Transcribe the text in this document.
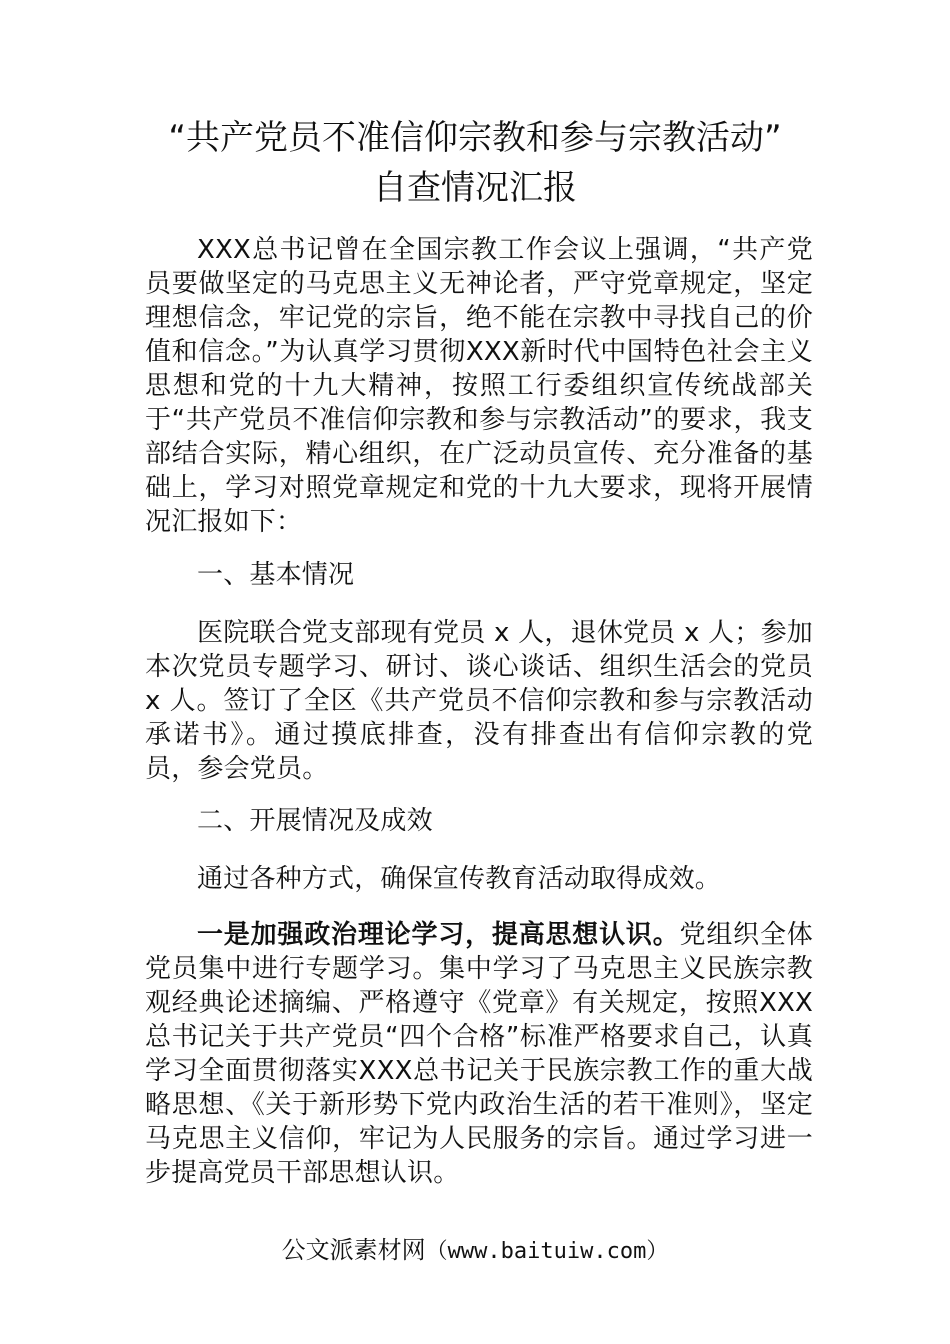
“共产党员不准信仰宗教和参与宗教活动”
自查情况汇报

XXX总书记曾在全国宗教工作会议上强调，“共产党员要做坚定的马克思主义无神论者，严守党章规定，坚定理想信念，牢记党的宗旨，绝不能在宗教中寻找自己的价值和信念。”为认真学习贯彻XXX新时代中国特色社会主义思想和党的十九大精神，按照工行委组织宣传统战部关于“共产党员不准信仰宗教和参与宗教活动”的要求，我支部结合实际，精心组织，在广泛动员宣传、充分准备的基础上，学习对照党章规定和党的十九大要求，现将开展情况汇报如下：

一、基本情况

医院联合党支部现有党员 x 人，退休党员 x 人；参加本次党员专题学习、研讨、谈心谈话、组织生活会的党员 x 人。签订了全区《共产党员不信仰宗教和参与宗教活动承诺书》。通过摸底排查，没有排查出有信仰宗教的党员，参会党员。

二、开展情况及成效

通过各种方式，确保宣传教育活动取得成效。

一是加强政治理论学习，提高思想认识。党组织全体党员集中进行专题学习。集中学习了马克思主义民族宗教观经典论述摘编、严格遵守《党章》有关规定，按照XXX总书记关于共产党员“四个合格”标准严格要求自己，认真学习全面贯彻落实XXX总书记关于民族宗教工作的重大战略思想、《关于新形势下党内政治生活的若干准则》，坚定马克思主义信仰，牢记为人民服务的宗旨。通过学习进一步提高党员干部思想认识。

公文派素材网（www.baituiw.com）
